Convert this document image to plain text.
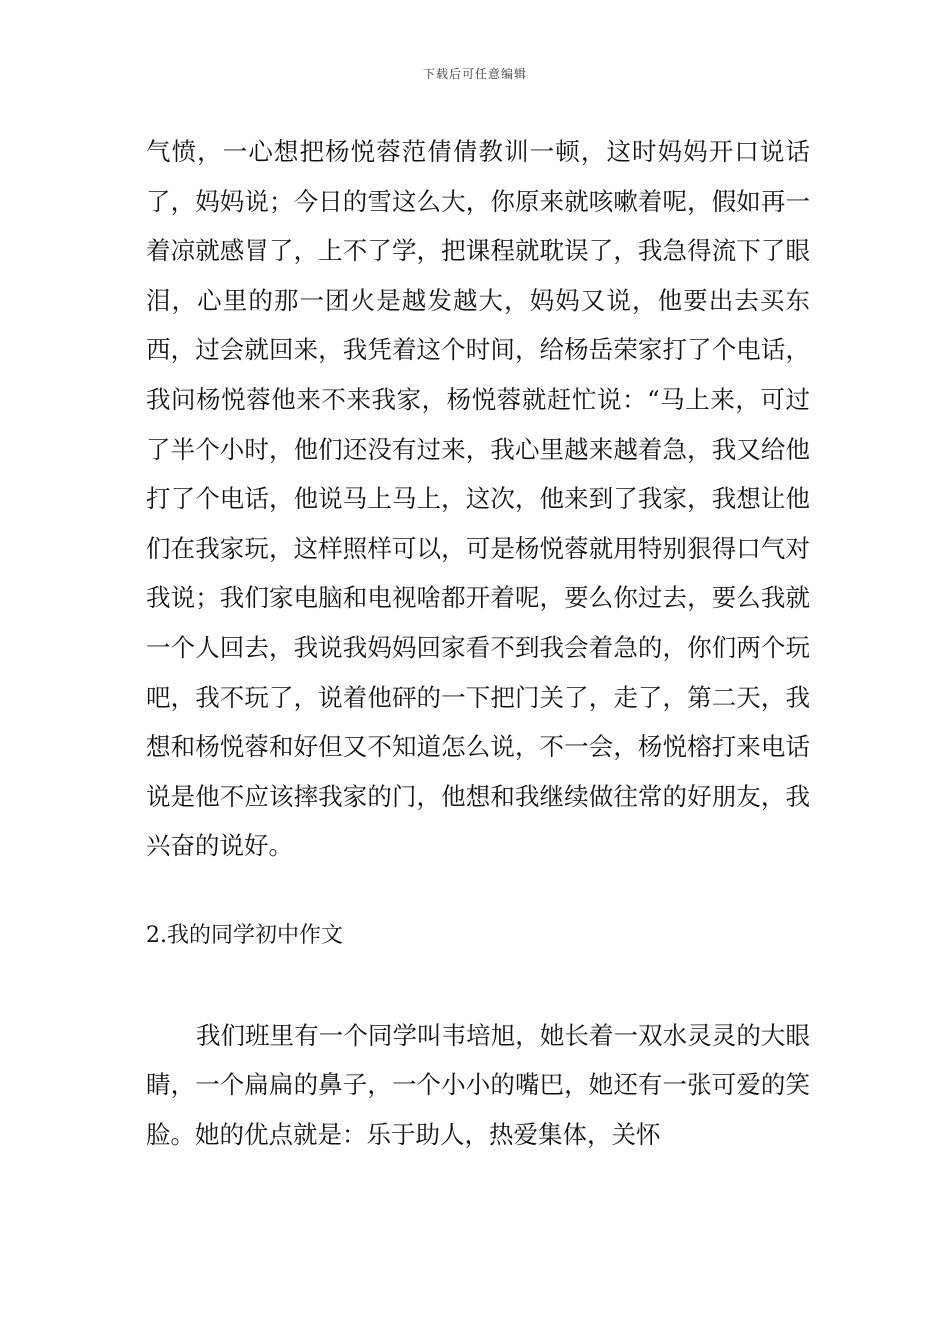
下载后可任意编辑

气愤，一心想把杨悦蓉范倩倩教训一顿，这时妈妈开口说话了，妈妈说；今日的雪这么大，你原来就咳嗽着呢，假如再一着凉就感冒了，上不了学，把课程就耽误了，我急得流下了眼泪，心里的那一团火是越发越大，妈妈又说，他要出去买东西，过会就回来，我凭着这个时间，给杨岳荣家打了个电话，我问杨悦蓉他来不来我家，杨悦蓉就赶忙说：“马上来，可过了半个小时，他们还没有过来，我心里越来越着急，我又给他打了个电话，他说马上马上，这次，他来到了我家，我想让他们在我家玩，这样照样可以，可是杨悦蓉就用特别狠得口气对我说；我们家电脑和电视啥都开着呢，要么你过去，要么我就一个人回去，我说我妈妈回家看不到我会着急的，你们两个玩吧，我不玩了，说着他砰的一下把门关了，走了，第二天，我想和杨悦蓉和好但又不知道怎么说，不一会，杨悦榕打来电话说是他不应该摔我家的门，他想和我继续做往常的好朋友，我兴奋的说好。

2.我的同学初中作文

我们班里有一个同学叫韦培旭，她长着一双水灵灵的大眼睛，一个扁扁的鼻子，一个小小的嘴巴，她还有一张可爱的笑脸。她的优点就是：乐于助人，热爱集体，关怀
